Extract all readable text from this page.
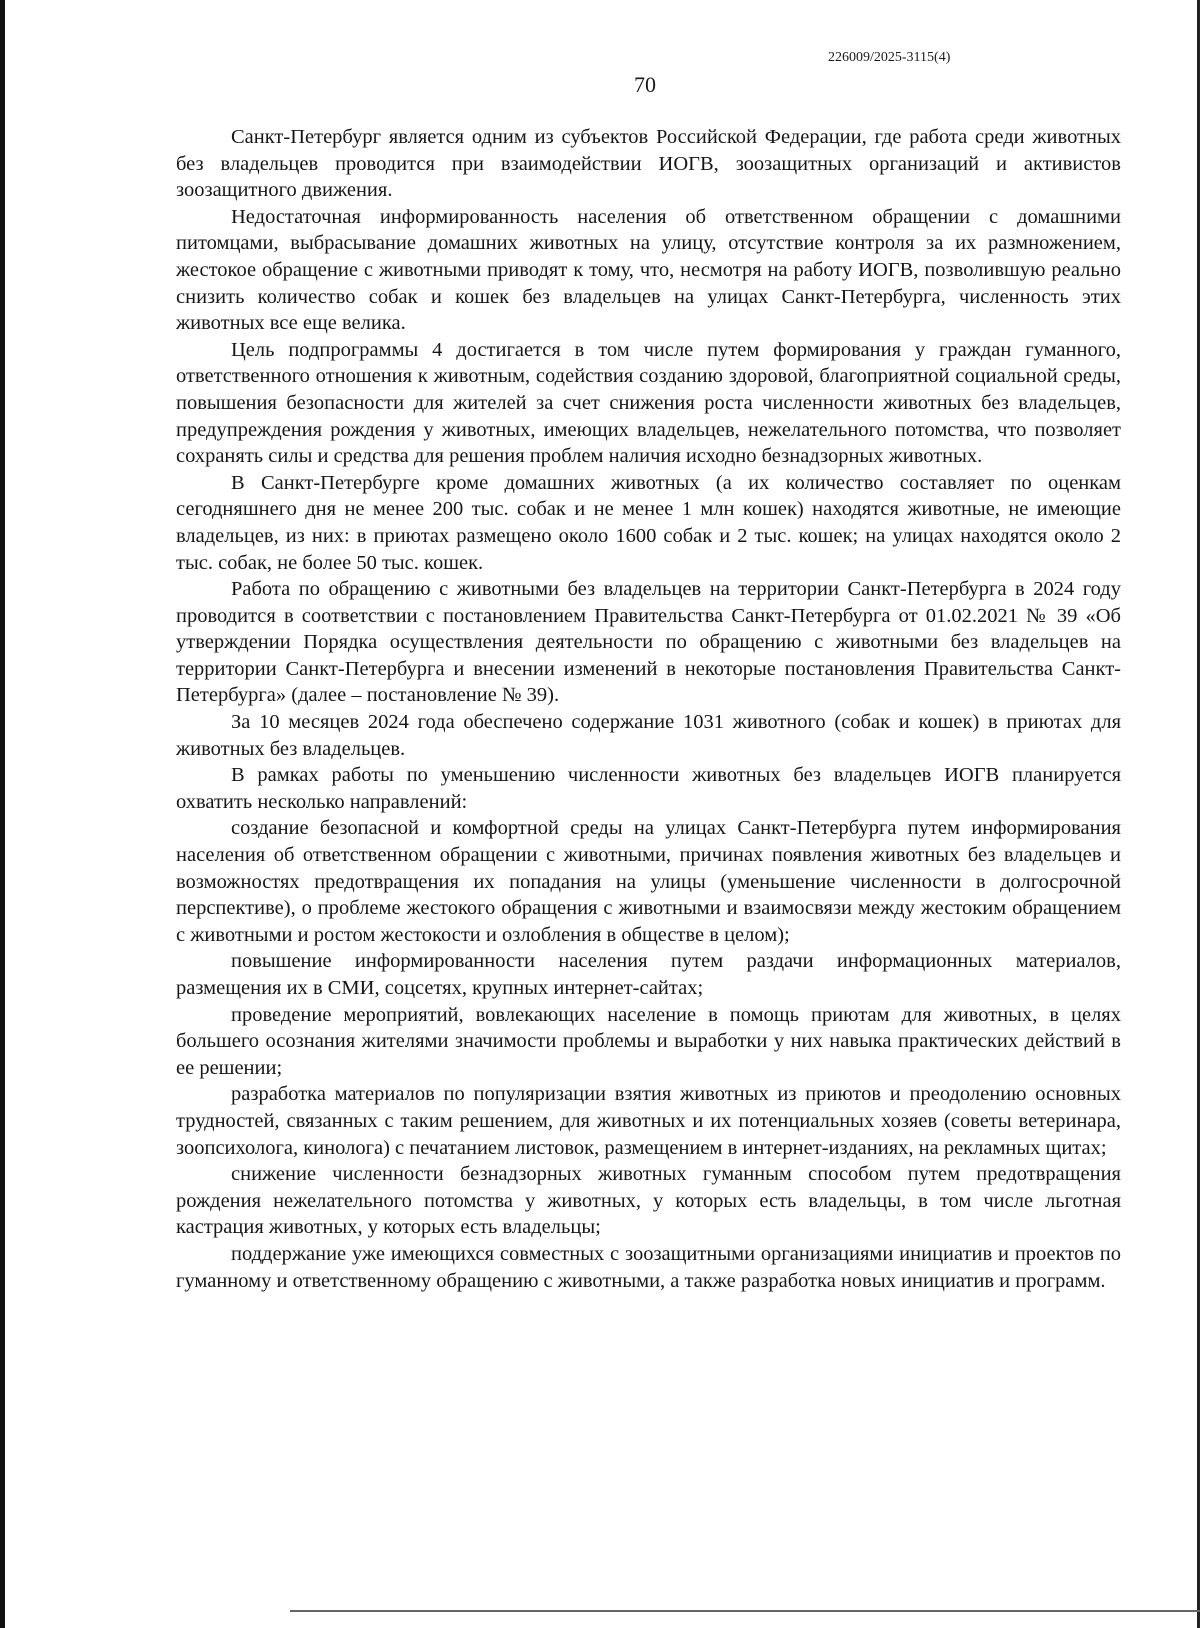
226009/2025-3115(4)
70

Санкт-Петербург является одним из субъектов Российской Федерации, где работа среди животных без владельцев проводится при взаимодействии ИОГВ, зоозащитных организаций и активистов зоозащитного движения.

Недостаточная информированность населения об ответственном обращении с домашними питомцами, выбрасывание домашних животных на улицу, отсутствие контроля за их размножением, жестокое обращение с животными приводят к тому, что, несмотря на работу ИОГВ, позволившую реально снизить количество собак и кошек без владельцев на улицах Санкт-Петербурга, численность этих животных все еще велика.

Цель подпрограммы 4 достигается в том числе путем формирования у граждан гуманного, ответственного отношения к животным, содействия созданию здоровой, благоприятной социальной среды, повышения безопасности для жителей за счет снижения роста численности животных без владельцев, предупреждения рождения у животных, имеющих владельцев, нежелательного потомства, что позволяет сохранять силы и средства для решения проблем наличия исходно безнадзорных животных.

В Санкт-Петербурге кроме домашних животных (а их количество составляет по оценкам сегодняшнего дня не менее 200 тыс. собак и не менее 1 млн кошек) находятся животные, не имеющие владельцев, из них: в приютах размещено около 1600 собак и 2 тыс. кошек; на улицах находятся около 2 тыс. собак, не более 50 тыс. кошек.

Работа по обращению с животными без владельцев на территории Санкт-Петербурга в 2024 году проводится в соответствии с постановлением Правительства Санкт-Петербурга от 01.02.2021 № 39 «Об утверждении Порядка осуществления деятельности по обращению с животными без владельцев на территории Санкт-Петербурга и внесении изменений в некоторые постановления Правительства Санкт-Петербурга» (далее – постановление № 39).

За 10 месяцев 2024 года обеспечено содержание 1031 животного (собак и кошек) в приютах для животных без владельцев.

В рамках работы по уменьшению численности животных без владельцев ИОГВ планируется охватить несколько направлений:

создание безопасной и комфортной среды на улицах Санкт-Петербурга путем информирования населения об ответственном обращении с животными, причинах появления животных без владельцев и возможностях предотвращения их попадания на улицы (уменьшение численности в долгосрочной перспективе), о проблеме жестокого обращения с животными и взаимосвязи между жестоким обращением с животными и ростом жестокости и озлобления в обществе в целом);

повышение информированности населения путем раздачи информационных материалов, размещения их в СМИ, соцсетях, крупных интернет-сайтах;

проведение мероприятий, вовлекающих население в помощь приютам для животных, в целях большего осознания жителями значимости проблемы и выработки у них навыка практических действий в ее решении;

разработка материалов по популяризации взятия животных из приютов и преодолению основных трудностей, связанных с таким решением, для животных и их потенциальных хозяев (советы ветеринара, зоопсихолога, кинолога) с печатанием листовок, размещением в интернет-изданиях, на рекламных щитах;

снижение численности безнадзорных животных гуманным способом путем предотвращения рождения нежелательного потомства у животных, у которых есть владельцы, в том числе льготная кастрация животных, у которых есть владельцы;

поддержание уже имеющихся совместных с зоозащитными организациями инициатив и проектов по гуманному и ответственному обращению с животными, а также разработка новых инициатив и программ.
